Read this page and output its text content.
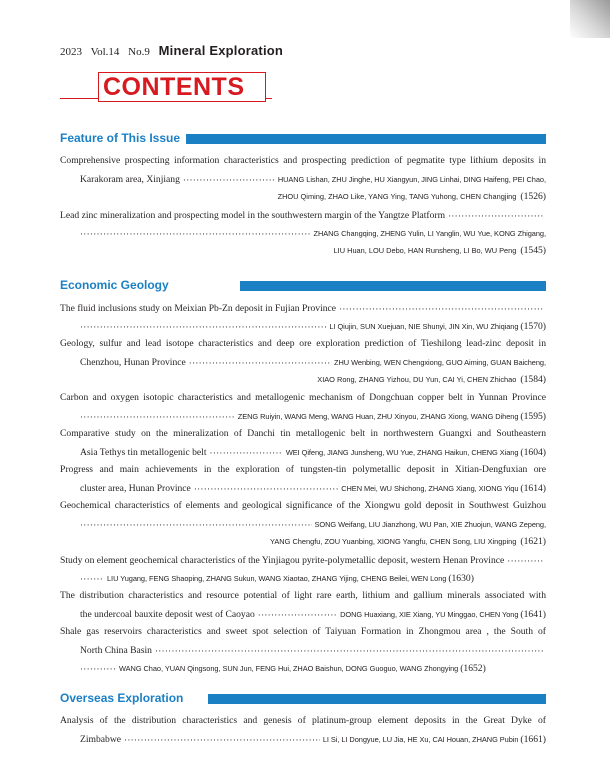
2023 Vol.14 No.9 Mineral Exploration
CONTENTS
Feature of This Issue
Comprehensive prospecting information characteristics and prospecting prediction of pegmatite type lithium deposits in
Karakoram area, Xinjiang ·····	HUANG Lishan, ZHU Jinghe, HU Xiangyun, JING Linhai, DING Haifeng, PEI Chao,
ZHOU Qiming, ZHAO Like, YANG Ying, TANG Yuhong, CHEN Changjing (1526)
Lead zinc mineralization and prospecting model in the southwestern margin of the Yangtze Platform
·····
·····
ZHANG Changqing, ZHENG Yulin, LI Yanglin, WU Yue, KONG Zhigang,
LIU Huan, LOU Debo, HAN Runsheng, LI Bo, WU Peng (1545)
Economic Geology
The fluid inclusions study on Meixian Pb-Zn deposit in Fujian Province
·····
·····
LI Qiujin, SUN Xuejuan, NIE Shunyi, JIN Xin, WU Zhiqiang (1570)
Geology, sulfur and lead isotope characteristics and deep ore exploration prediction of Tieshilong lead-zinc deposit in
Chenzhou, Hunan Province ·····	ZHU Wenbing, WEN Chengxiong, GUO Aiming, GUAN Baicheng,
XIAO Rong, ZHANG Yizhou, DU Yun, CAI Yi, CHEN Zhichao (1584)
Carbon and oxygen isotopic characteristics and metallogenic mechanism of Dongchuan copper belt in Yunnan Province
·····
ZENG Ruiyin, WANG Meng, WANG Huan, ZHU Xinyou, ZHANG Xiong, WANG Diheng (1595)
Comparative study on the mineralization of Danchi tin metallogenic belt in northwestern Guangxi and Southeastern
Asia Tethys tin metallogenic belt ·····	WEI Qifeng, JIANG Junsheng, WU Yue, ZHANG Haikun, CHENG Xiang (1604)
Progress and main achievements in the exploration of tungsten-tin polymetallic deposit in Xitian-Dengfuxian ore
cluster area, Hunan Province ·····	CHEN Mei, WU Shichong, ZHANG Xiang, XIONG Yiqu (1614)
Geochemical characteristics of elements and geological significance of the Xiongwu gold deposit in Southwest Guizhou
·····
SONG Weifang, LIU Jianzhong, WU Pan, XIE Zhuojun, WANG Zepeng,
YANG Chengfu, ZOU Yuanbing, XIONG Yangfu, CHEN Song, LIU Xingping (1621)
Study on element geochemical characteristics of the Yinjiagou pyrite-polymetallic deposit, western Henan Province
·····
·····
LIU Yugang, FENG Shaoping, ZHANG Sukun, WANG Xiaotao, ZHANG Yijing, CHENG Beilei, WEN Long (1630)
The distribution characteristics and resource potential of light rare earth, lithium and gallium minerals associated with
the undercoal bauxite deposit west of Caoyao ·····	DONG Huaxiang, XIE Xiang, YU Minggao, CHEN Yong (1641)
Shale gas reservoirs characteristics and sweet spot selection of Taiyuan Formation in Zhongmou area , the South of
North China Basin
·····
·····
WANG Chao, YUAN Qingsong, SUN Jun, FENG Hui, ZHAO Baishun, DONG Guoguo, WANG Zhongying (1652)
Overseas Exploration
Analysis of the distribution characteristics and genesis of platinum-group element deposits in the Great Dyke of
Zimbabwe ·····	LI Si, LI Dongyue, LU Jia, HE Xu, CAI Houan, ZHANG Pubin (1661)
